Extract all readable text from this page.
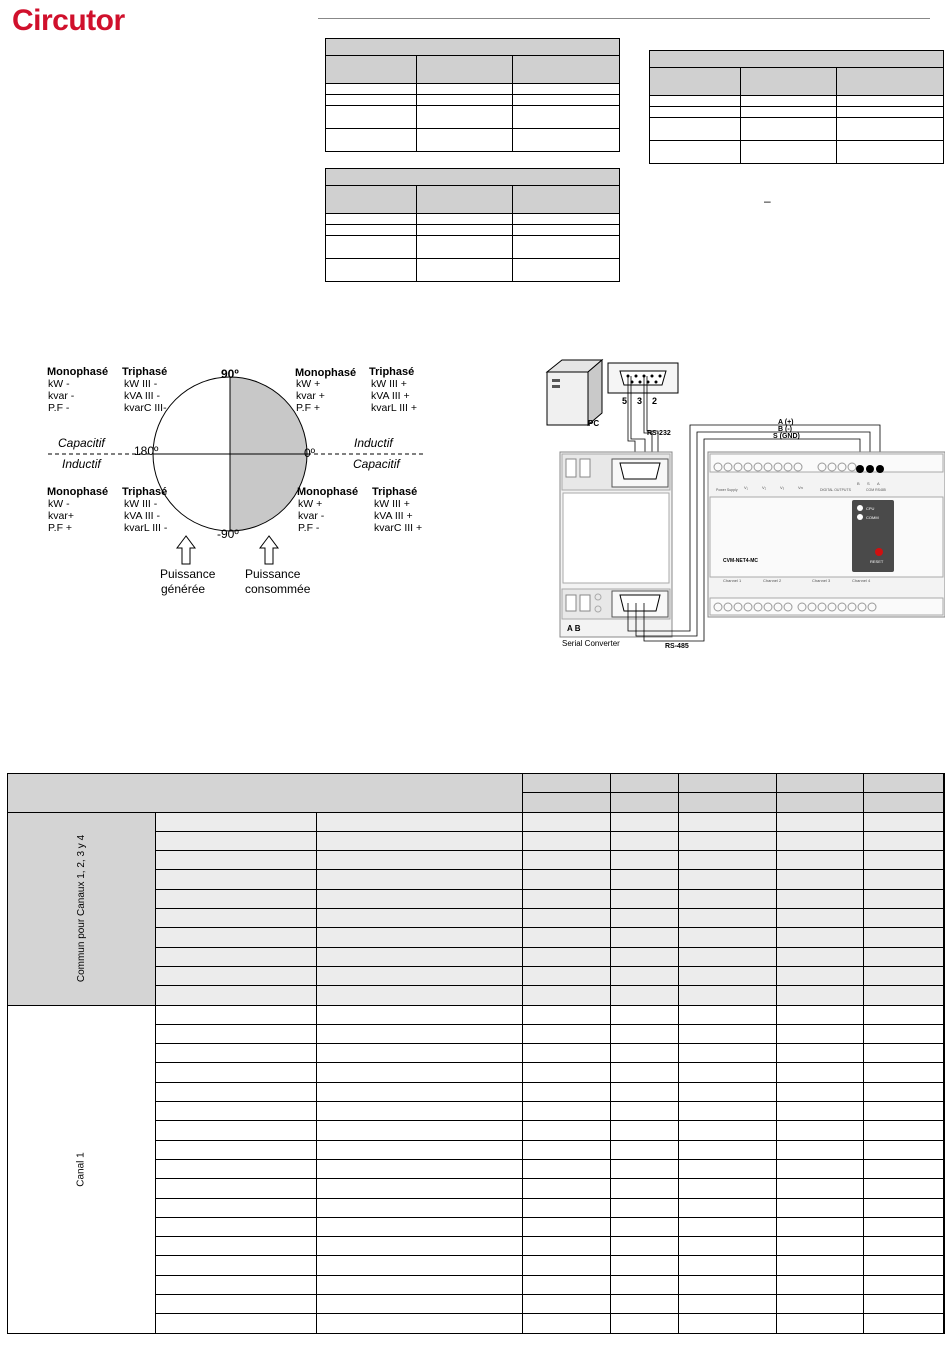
Circutor

–
90º
180º	0º
-90º
Capacitif
Inductif
Inductif
Capacitif
Monophasé
kW -
kvar -
P.F -
Triphasé
kW III -
kVA III -
kvarC III-
Monophasé
kW +
kvar +
P.F +
Triphasé
kW III +
kVA III +
kvarL III +
Monophasé
kW -
kvar+
P.F +
Triphasé
kW III -
kVA III -
kvarL III -
Monophasé
kW +
kvar -
P.F -
Triphasé
kW III +
kVA III +
kvarC III +
Puissance
générée
Puissance
consommée
PC
5 3 2
RS-232
A B
Serial Converter	RS-485
A (+)
B (-)
S (GND)
Power Supply V₁	V₂	V₃	Vn	DIGITAL OUTPUTS
B S A
COM RS485
CVM-NET4-MC
CPU
COMM
RESET
Channel 1	Channel 2	Channel 3	Channel 4

Commun pour Canaux 1, 2, 3 y 4								

Canal 1								
